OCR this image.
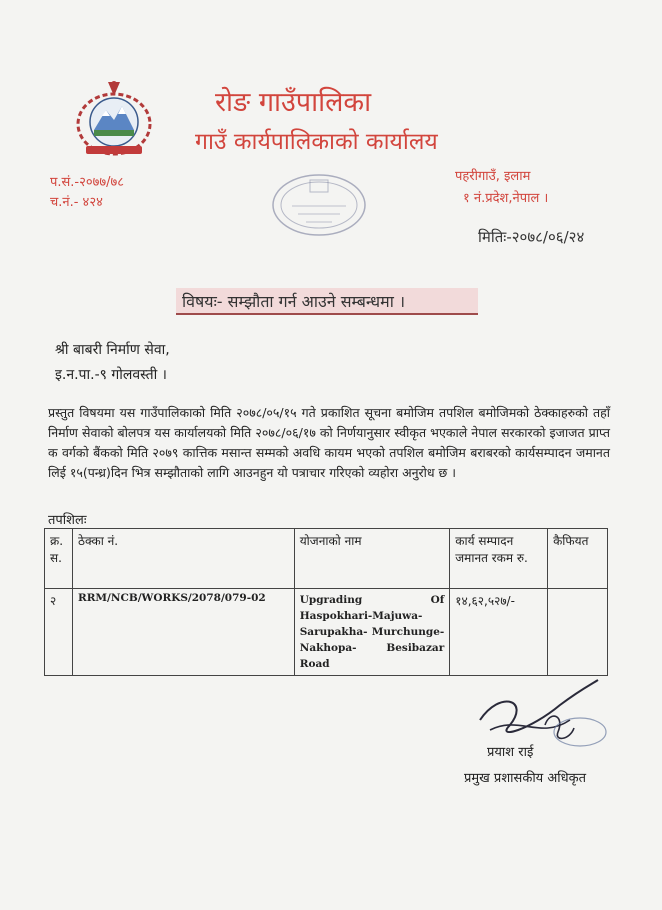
रोङ गाउँपालिका
गाउँ कार्यपालिकाको कार्यालय
प.सं.-२०७७/७८
च.नं.- ४२४
पहरीगाउँ, इलाम
१ नं.प्रदेश,नेपाल ।
मितिः-२०७८/०६/२४
विषयः- सम्झौता गर्न आउने सम्बन्धमा ।
श्री बाबरी निर्माण सेवा,
इ.न.पा.-९ गोलवस्ती ।
प्रस्तुत विषयमा यस गाउँपालिकाको मिति २०७८/०५/१५ गते प्रकाशित सूचना बमोजिम तपशिल बमोजिमको ठेक्काहरुको तहाँ निर्माण सेवाको बोलपत्र यस कार्यालयको मिति २०७८/०६/१७ को निर्णयानुसार स्वीकृत भएकाले नेपाल सरकारको इजाजत प्राप्त क वर्गको बैंकको मिति २०७९ कात्तिक मसान्त सम्मको अवधि कायम भएको तपशिल बमोजिम बराबरको कार्यसम्पादन जमानत लिई १५(पन्ध्र)दिन भित्र सम्झौताको लागि आउनहुन यो पत्राचार गरिएको व्यहोरा अनुरोध छ ।
तपशिलः
क्र. स.	ठेक्का नं.	योजनाको नाम	कार्य सम्पादन जमानत रकम रु.	कैफियत
२	RRM/NCB/WORKS/2078/079-02	Upgrading Of Haspokhari-Majuwa-Sarupakha- Murchunge-Nakhopa- Besibazar Road	१४,६२,५२७/-	
प्रयाश राई
प्रमुख प्रशासकीय अधिकृत
